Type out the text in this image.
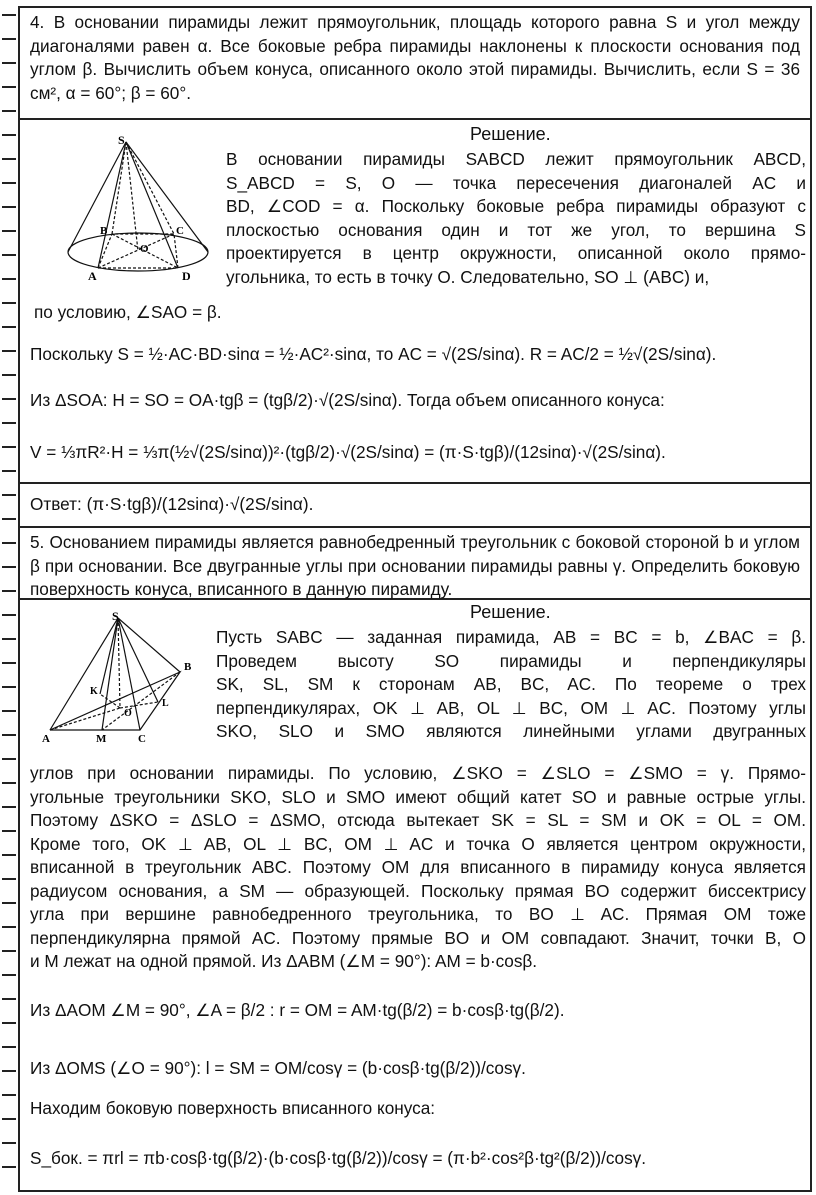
4. В основании пирамиды лежит прямоугольник, площадь которого равна S и угол между диагоналями равен α. Все боковые ребра пирамиды наклонены к плоскости основания под углом β. Вычислить объем конуса, описанного около этой пирамиды. Вычислить, если S = 36 см², α = 60°; β = 60°.
Решение.
S
B	C
O
A	D
В основании пирамиды SABCD лежит прямоугольник ABCD,
S_ABCD = S, O — точка пересечения диагоналей AC и
BD, ∠COD = α. Поскольку боковые ребра пирамиды образуют с
плоскостью основания один и тот же угол, то вершина S
проектируется в центр окружности, описанной около прямо-
угольника, то есть в точку O. Следовательно, SO ⊥ (ABC) и,
по условию, ∠SAO = β.
Поскольку S = ½·AC·BD·sinα = ½·AC²·sinα, то AC = √(2S/sinα). R = AC/2 = ½√(2S/sinα).
Из ΔSOA: H = SO = OA·tgβ = (tgβ/2)·√(2S/sinα). Тогда объем описанного конуса:
V = ⅓πR²·H = ⅓π(½√(2S/sinα))²·(tgβ/2)·√(2S/sinα) = (π·S·tgβ)/(12sinα)·√(2S/sinα).
Ответ: (π·S·tgβ)/(12sinα)·√(2S/sinα).
5. Основанием пирамиды является равнобедренный треугольник с боковой стороной b и углом β при основании. Все двугранные углы при основании пирамиды равны γ. Определить боковую поверхность конуса, вписанного в данную пирамиду.
Решение.
S
B
K
L
O
A	M	C
Пусть SABC — заданная пирамида, AB = BC = b, ∠BAC = β.
Проведем высоту SO пирамиды и перпендикуляры
SK, SL, SM к сторонам AB, BC, AC. По теореме о трех
перпендикулярах, OK ⊥ AB, OL ⊥ BC, OM ⊥ AC. Поэтому углы
SKO, SLO и SMO являются линейными углами двугранных
углов при основании пирамиды. По условию, ∠SKO = ∠SLO = ∠SMO = γ. Прямо-
угольные треугольники SKO, SLO и SMO имеют общий катет SO и равные острые углы.
Поэтому ΔSKO = ΔSLO = ΔSMO, отсюда вытекает SK = SL = SM и OK = OL = OM.
Кроме того, OK ⊥ AB, OL ⊥ BC, OM ⊥ AC и точка O является центром окружности,
вписанной в треугольник ABC. Поэтому OM для вписанного в пирамиду конуса является
радиусом основания, а SM — образующей. Поскольку прямая BO содержит биссектрису
угла при вершине равнобедренного треугольника, то BO ⊥ AC. Прямая OM тоже
перпендикулярна прямой AC. Поэтому прямые BO и OM совпадают. Значит, точки B, O
и M лежат на одной прямой. Из ΔABM (∠M = 90°): AM = b·cosβ.
Из ΔAOM ∠M = 90°, ∠A = β/2 : r = OM = AM·tg(β/2) = b·cosβ·tg(β/2).
Из ΔOMS (∠O = 90°): l = SM = OM/cosγ = (b·cosβ·tg(β/2))/cosγ.
Находим боковую поверхность вписанного конуса:
S_бок. = πrl = πb·cosβ·tg(β/2)·(b·cosβ·tg(β/2))/cosγ = (π·b²·cos²β·tg²(β/2))/cosγ.
